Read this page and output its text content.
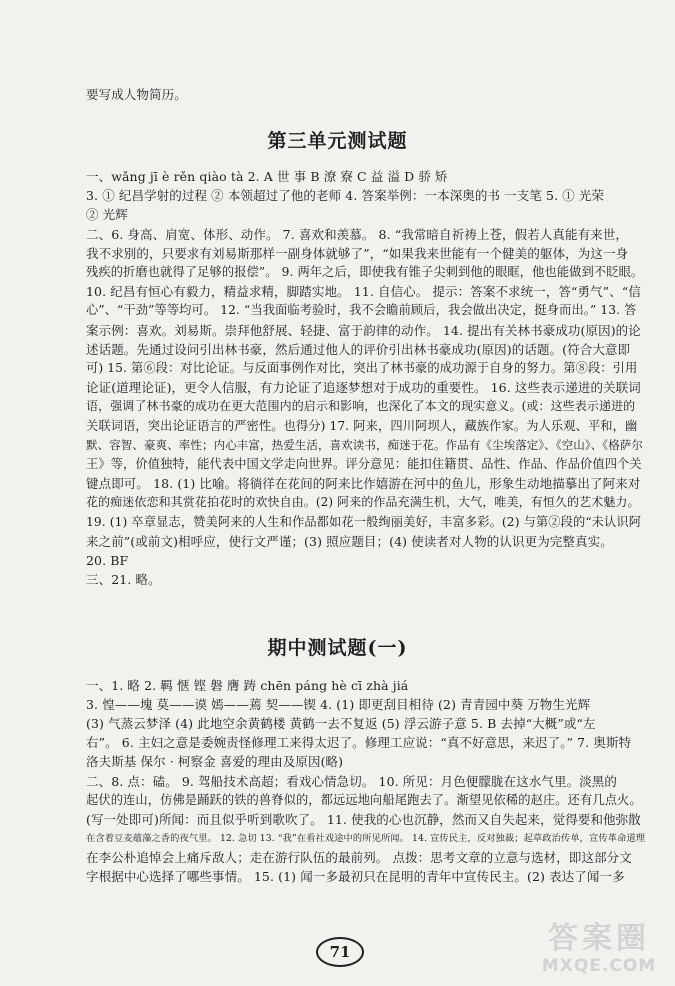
要写成人物简历。
第三单元测试题
一、wǎng jī è rěn qiào tà 2. A 世 事 B 潦 寮 C 益 溢 D 骄 矫
3. ① 纪昌学射的过程 ② 本领超过了他的老师 4. 答案举例：一本深奥的书 一支笔 5. ① 光荣
② 光辉
二、6. 身高、肩宽、体形、动作。 7. 喜欢和羡慕。 8. “我常暗自祈祷上苍，假若人真能有来世，
我不求别的，只要求有刘易斯那样一副身体就够了”，“如果我来世能有一个健美的躯体，为这一身
残疾的折磨也就得了足够的报偿”。 9. 两年之后，即使我有锥子尖刺到他的眼眶，他也能做到不眨眼。
10. 纪昌有恒心有毅力，精益求精，脚踏实地。 11. 自信心。 提示：答案不求统一，答“勇气”、“信
心”、“干劲”等等均可。 12. “当我面临考验时，我不会瞻前顾后，我会做出决定，挺身而出。” 13. 答
案示例：喜欢。刘易斯。崇拜他舒展、轻捷、富于韵律的动作。 14. 提出有关林书豪成功(原因)的论
述话题。先通过设问引出林书豪，然后通过他人的评价引出林书豪成功(原因)的话题。(符合大意即
可) 15. 第⑥段：对比论证。与反面事例作对比，突出了林书豪的成功源于自身的努力。第⑧段：引用
论证(道理论证)，更令人信服，有力论证了追逐梦想对于成功的重要性。 16. 这些表示递进的关联词
语，强调了林书豪的成功在更大范围内的启示和影响，也深化了本文的现实意义。(或：这些表示递进的
关联词语，突出论证语言的严密性。也得分) 17. 阿来，四川阿坝人，藏族作家。为人乐观、平和，幽
默、容智、豪爽、率性；内心丰富，热爱生活，喜欢读书，痴迷于花。作品有《尘埃落定》、《空山》、《格萨尔
王》等，价值独特，能代表中国文学走向世界。评分意见：能扣住籍贯、品性、作品、作品价值四个关
键点即可。 18. (1) 比喻。将徜徉在花间的阿来比作嬉游在河中的鱼儿，形象生动地描摹出了阿来对
花的痴迷依恋和其赏花拍花时的欢快自由。(2) 阿来的作品充满生机，大气，唯美，有恒久的艺术魅力。
19. (1) 卒章显志，赞美阿来的人生和作品都如花一般绚丽美好，丰富多彩。(2) 与第②段的“未认识阿
来之前”(或前文)相呼应，使行文严谨；(3) 照应题目；(4) 使读者对人物的认识更为完整真实。
20. BF
三、21. 略。
期中测试题(一)
一、1. 略 2. 羁 惬 铿 磐 膺 踌 chēn páng hè cī zhà jiá
3. 惶——塊 莫——谟 嫣——蔫 契——锲 4. (1) 即更刮目相待 (2) 青青园中葵 万物生光辉
(3) 气蒸云梦泽 (4) 此地空余黄鹤楼 黄鹤一去不复返 (5) 浮云游子意 5. B 去掉“大概”或“左
右”。 6. 主妇之意是委婉责怪修理工来得太迟了。修理工应说：“真不好意思，来迟了。” 7. 奥斯特
洛夫斯基 保尔 · 柯察金 喜爱的理由及原因(略)
二、8. 点：磕。 9. 驾船技术高超；看戏心情急切。 10. 所见：月色便朦胧在这水气里。淡黑的
起伏的连山，仿佛是踊跃的铁的兽脊似的，都远远地向船尾跑去了。渐望见依稀的赵庄。还有几点火。
(写一处即可)所闻：而且似乎听到歌吹了。 11. 使我的心也沉静，然而又自失起来，觉得要和他弥散
在含着豆麦蕴藻之香的夜气里。 12. 急切 13. “我”在看社戏途中的所见所闻。 14. 宣传民主，反对独裁；起草政治传单，宣传革命道理
在李公朴追悼会上痛斥敌人；走在游行队伍的最前列。 点拨：思考文章的立意与选材，即这部分文
字根据中心选择了哪些事情。 15. (1) 闻一多最初只在昆明的青年中宣传民主。(2) 表达了闻一多
71	答案圈
MXQE.COM
